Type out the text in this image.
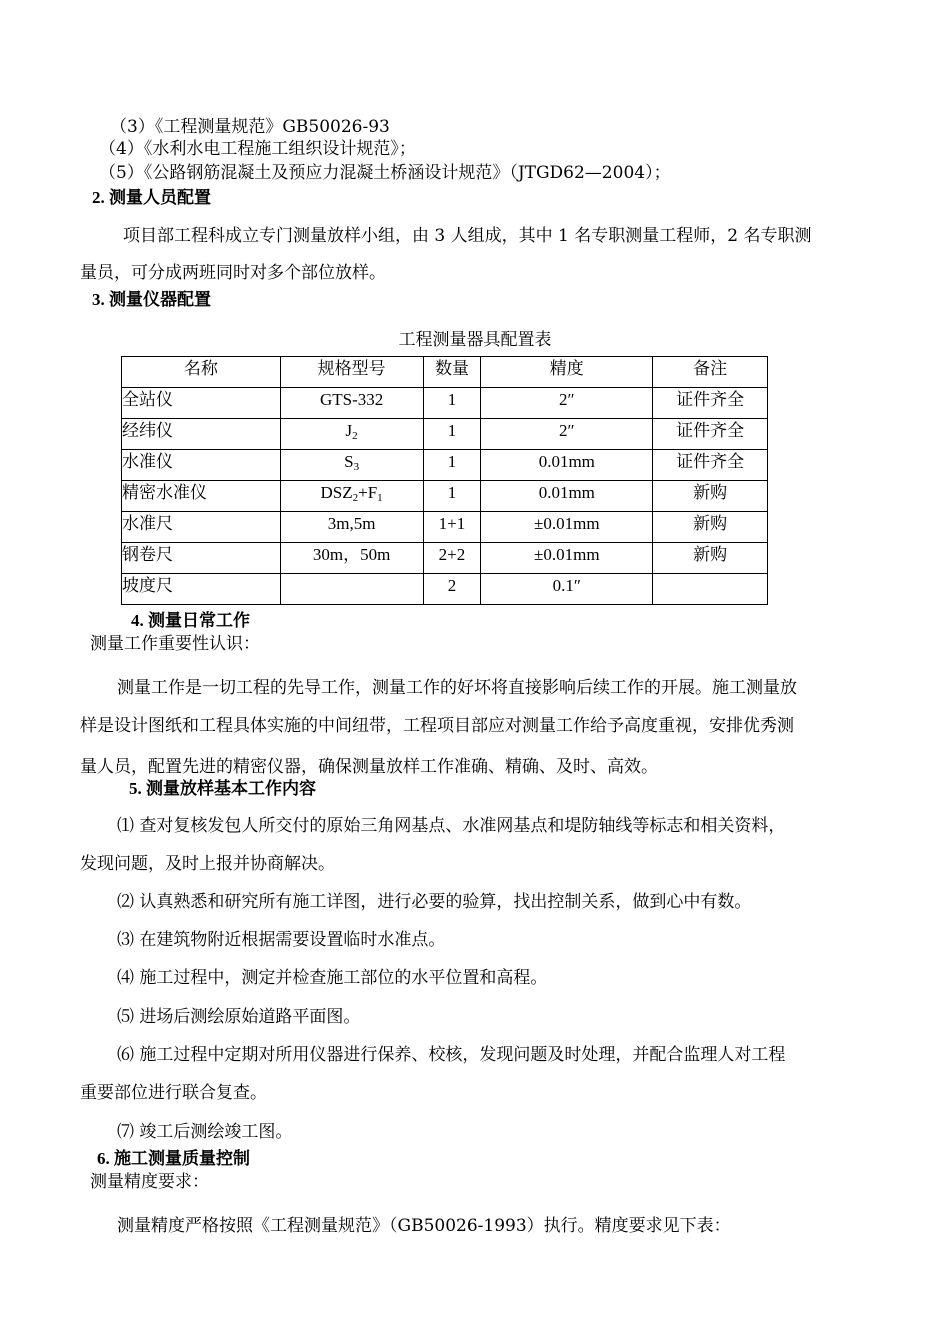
（3）《工程测量规范》GB50026-93
（4）《水利水电工程施工组织设计规范》；
（5）《公路钢筋混凝土及预应力混凝土桥涵设计规范》（JTGD62—2004）；
2. 测量人员配置
项目部工程科成立专门测量放样小组，由 3 人组成，其中 1 名专职测量工程师，2 名专职测
量员，可分成两班同时对多个部位放样。
3. 测量仪器配置
工程测量器具配置表
名称	规格型号	数量	精度	备注
全站仪	GTS-332	1	2″	证件齐全
经纬仪	$J_2$	1	2″	证件齐全
水准仪	$S_3$	1	0.01mm	证件齐全
精密水准仪	$DSZ_2+F_1$	1	0.01mm	新购
水准尺	3m,5m	1+1	±0.01mm	新购
钢卷尺	30m，50m	2+2	±0.01mm	新购
坡度尺		2	0.1″	
4. 测量日常工作
测量工作重要性认识：
测量工作是一切工程的先导工作，测量工作的好坏将直接影响后续工作的开展。施工测量放
样是设计图纸和工程具体实施的中间纽带，工程项目部应对测量工作给予高度重视，安排优秀测
量人员，配置先进的精密仪器，确保测量放样工作准确、精确、及时、高效。
5. 测量放样基本工作内容
⑴ 查对复核发包人所交付的原始三角网基点、水准网基点和堤防轴线等标志和相关资料，
发现问题，及时上报并协商解决。
⑵ 认真熟悉和研究所有施工详图，进行必要的验算，找出控制关系，做到心中有数。
⑶ 在建筑物附近根据需要设置临时水准点。
⑷ 施工过程中，测定并检查施工部位的水平位置和高程。
⑸ 进场后测绘原始道路平面图。
⑹ 施工过程中定期对所用仪器进行保养、校核，发现问题及时处理，并配合监理人对工程
重要部位进行联合复查。
⑺ 竣工后测绘竣工图。
6. 施工测量质量控制
测量精度要求：
测量精度严格按照《工程测量规范》（GB50026-1993）执行。精度要求见下表：
